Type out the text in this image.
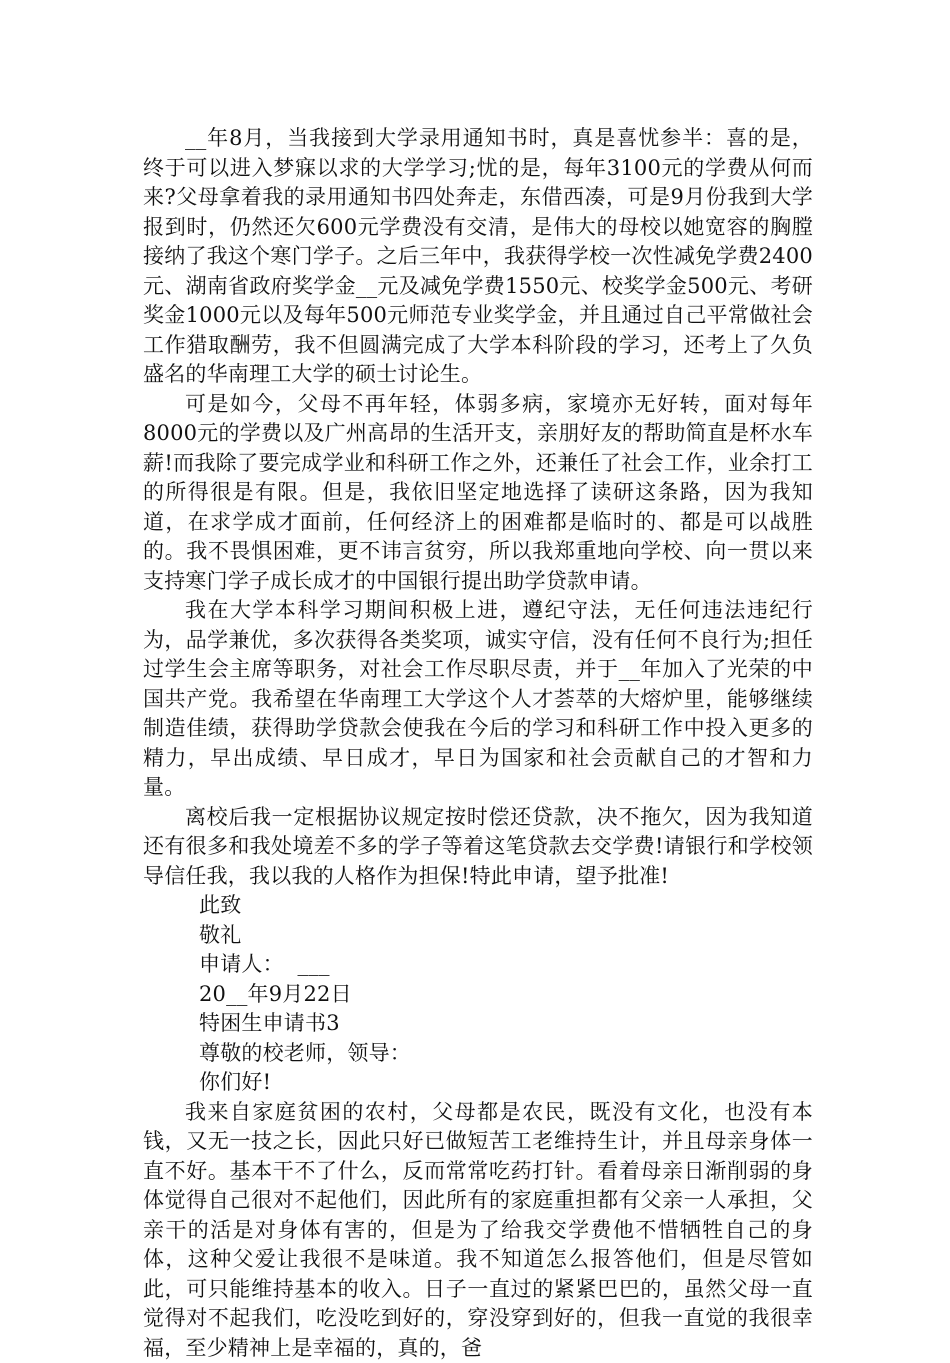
__年8月，当我接到大学录用通知书时，真是喜忧参半：喜的是，终于可以进入梦寐以求的大学学习;忧的是，每年3100元的学费从何而来?父母拿着我的录用通知书四处奔走，东借西凑，可是9月份我到大学报到时，仍然还欠600元学费没有交清，是伟大的母校以她宽容的胸膛接纳了我这个寒门学子。之后三年中，我获得学校一次性减免学费2400元、湖南省政府奖学金__元及减免学费1550元、校奖学金500元、考研奖金1000元以及每年500元师范专业奖学金，并且通过自己平常做社会工作猎取酬劳，我不但圆满完成了大学本科阶段的学习，还考上了久负盛名的华南理工大学的硕士讨论生。

可是如今，父母不再年轻，体弱多病，家境亦无好转，面对每年8000元的学费以及广州高昂的生活开支，亲朋好友的帮助简直是杯水车薪!而我除了要完成学业和科研工作之外，还兼任了社会工作，业余打工的所得很是有限。但是，我依旧坚定地选择了读研这条路，因为我知道，在求学成才面前，任何经济上的困难都是临时的、都是可以战胜的。我不畏惧困难，更不讳言贫穷，所以我郑重地向学校、向一贯以来支持寒门学子成长成才的中国银行提出助学贷款申请。

我在大学本科学习期间积极上进，遵纪守法，无任何违法违纪行为，品学兼优，多次获得各类奖项，诚实守信，没有任何不良行为;担任过学生会主席等职务，对社会工作尽职尽责，并于__年加入了光荣的中国共产党。我希望在华南理工大学这个人才荟萃的大熔炉里，能够继续制造佳绩，获得助学贷款会使我在今后的学习和科研工作中投入更多的精力，早出成绩、早日成才，早日为国家和社会贡献自己的才智和力量。

离校后我一定根据协议规定按时偿还贷款，决不拖欠，因为我知道还有很多和我处境差不多的学子等着这笔贷款去交学费!请银行和学校领导信任我，我以我的人格作为担保!特此申请，望予批准!

此致

敬礼

申请人：  ___

20__年9月22日

特困生申请书3

尊敬的校老师，领导：

你们好!

我来自家庭贫困的农村，父母都是农民，既没有文化，也没有本钱，又无一技之长，因此只好已做短苦工老维持生计，并且母亲身体一直不好。基本干不了什么，反而常常吃药打针。看着母亲日渐削弱的身体觉得自己很对不起他们，因此所有的家庭重担都有父亲一人承担，父亲干的活是对身体有害的，但是为了给我交学费他不惜牺牲自己的身体，这种父爱让我很不是味道。我不知道怎么报答他们，但是尽管如此，可只能维持基本的收入。日子一直过的紧紧巴巴的，虽然父母一直觉得对不起我们，吃没吃到好的，穿没穿到好的，但我一直觉的我很幸福，至少精神上是幸福的，真的，爸
